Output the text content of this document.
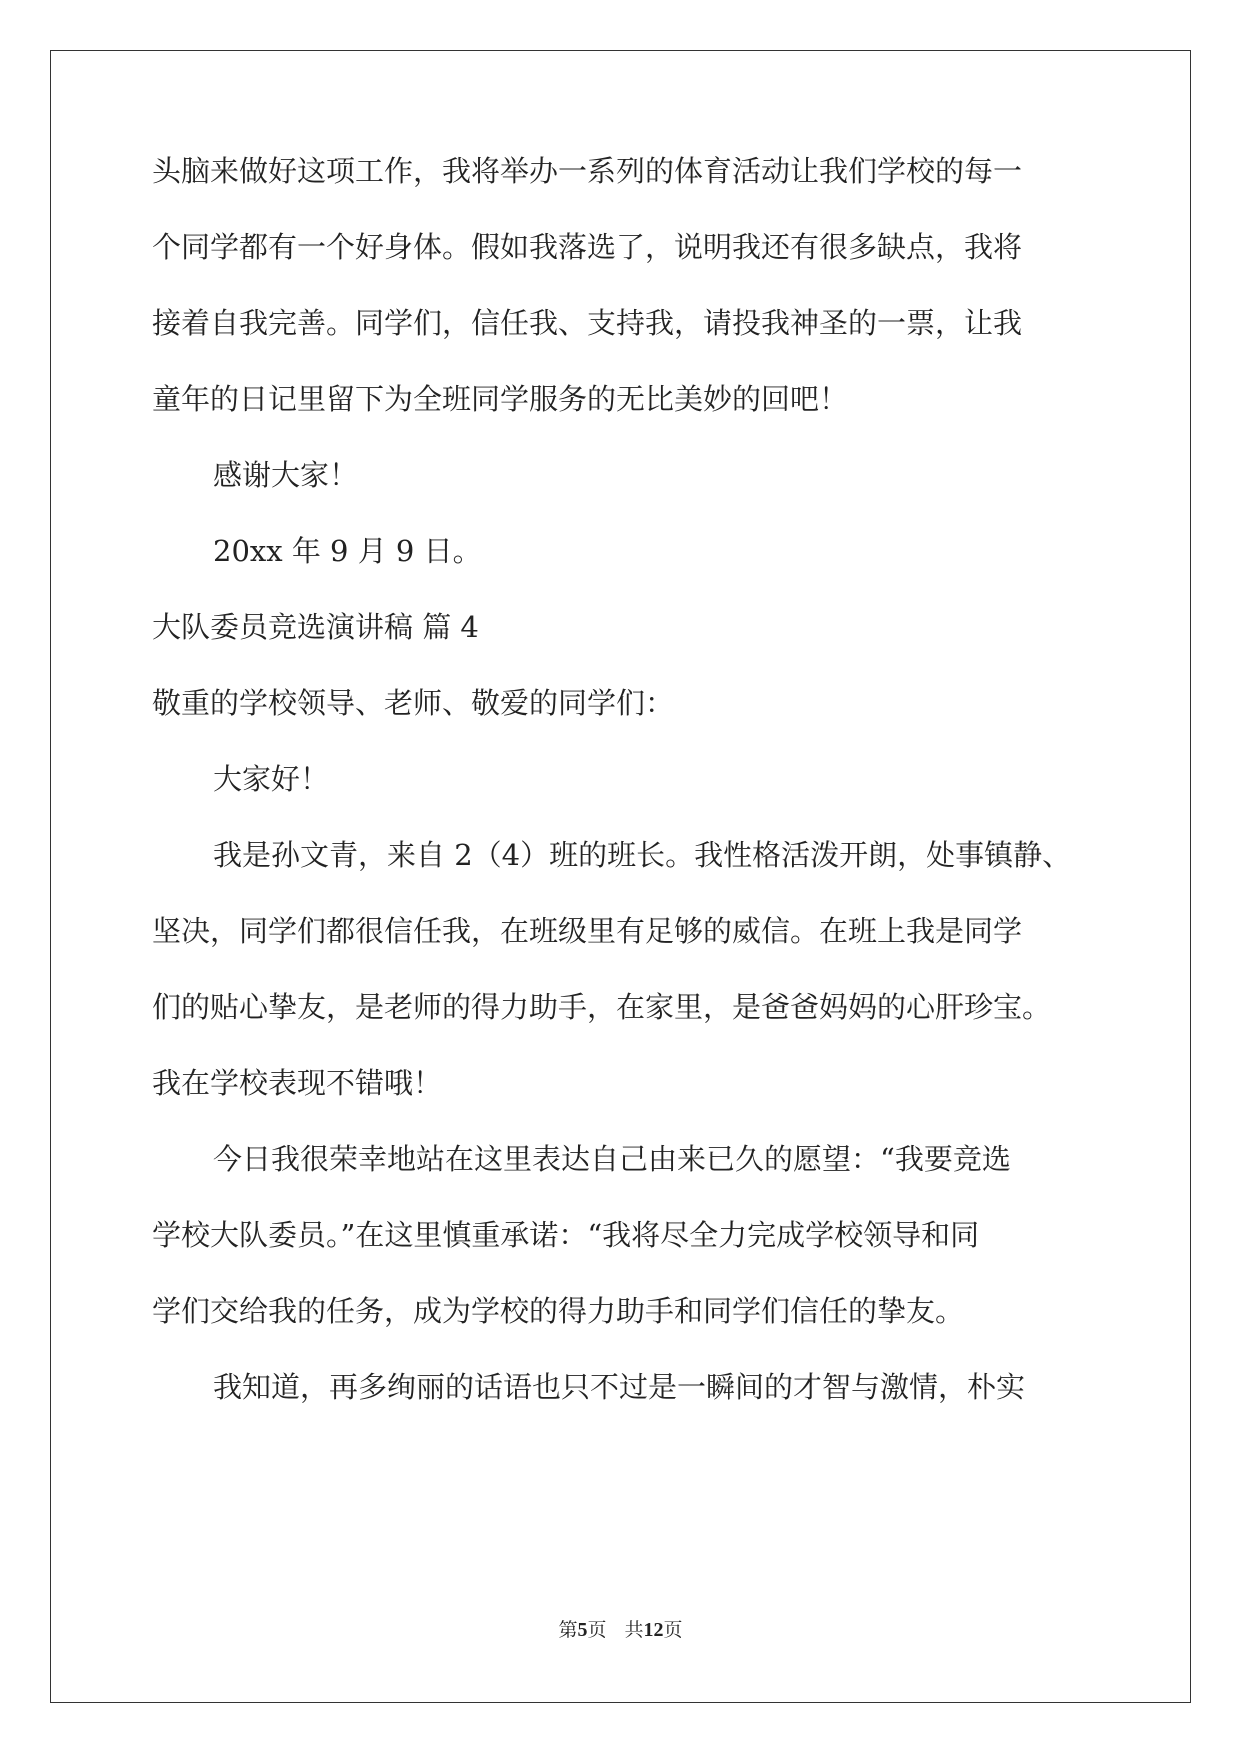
头脑来做好这项工作，我将举办一系列的体育活动让我们学校的每一
个同学都有一个好身体。假如我落选了，说明我还有很多缺点，我将
接着自我完善。同学们，信任我、支持我，请投我神圣的一票，让我
童年的日记里留下为全班同学服务的无比美妙的回吧！
感谢大家！
20xx 年 9 月 9 日。
大队委员竞选演讲稿 篇 4
敬重的学校领导、老师、敬爱的同学们：
大家好！
我是孙文青，来自 2（4）班的班长。我性格活泼开朗，处事镇静、
坚决，同学们都很信任我，在班级里有足够的威信。在班上我是同学
们的贴心挚友，是老师的得力助手，在家里，是爸爸妈妈的心肝珍宝。
我在学校表现不错哦！
今日我很荣幸地站在这里表达自己由来已久的愿望：“我要竞选
学校大队委员。”在这里慎重承诺：“我将尽全力完成学校领导和同
学们交给我的任务，成为学校的得力助手和同学们信任的挚友。
我知道，再多绚丽的话语也只不过是一瞬间的才智与激情，朴实
第5页 共12页
